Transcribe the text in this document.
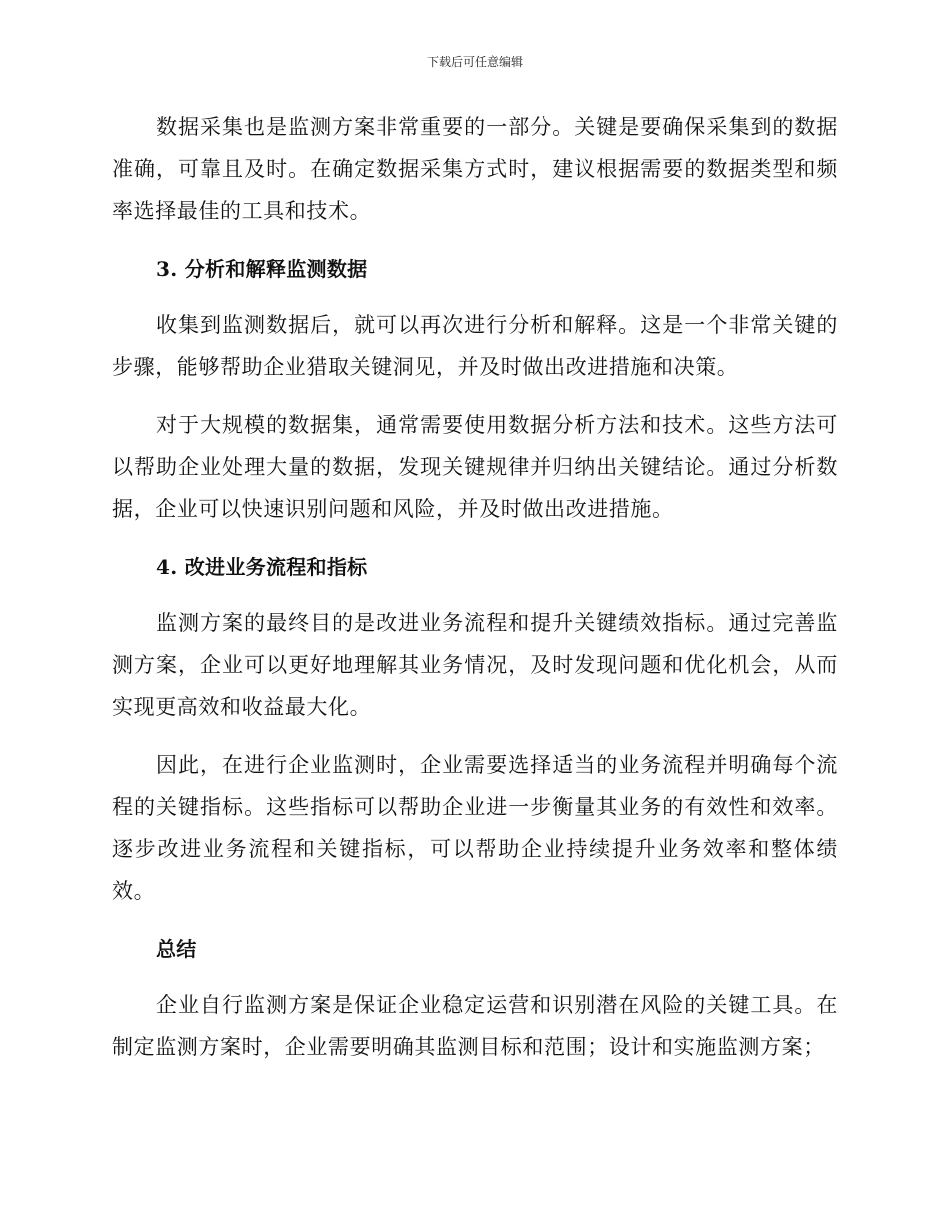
下载后可任意编辑

数据采集也是监测方案非常重要的一部分。关键是要确保采集到的数据准确，可靠且及时。在确定数据采集方式时，建议根据需要的数据类型和频率选择最佳的工具和技术。

3. 分析和解释监测数据

收集到监测数据后，就可以再次进行分析和解释。这是一个非常关键的步骤，能够帮助企业猎取关键洞见，并及时做出改进措施和决策。

对于大规模的数据集，通常需要使用数据分析方法和技术。这些方法可以帮助企业处理大量的数据，发现关键规律并归纳出关键结论。通过分析数据，企业可以快速识别问题和风险，并及时做出改进措施。

4. 改进业务流程和指标

监测方案的最终目的是改进业务流程和提升关键绩效指标。通过完善监测方案，企业可以更好地理解其业务情况，及时发现问题和优化机会，从而实现更高效和收益最大化。

因此，在进行企业监测时，企业需要选择适当的业务流程并明确每个流程的关键指标。这些指标可以帮助企业进一步衡量其业务的有效性和效率。逐步改进业务流程和关键指标，可以帮助企业持续提升业务效率和整体绩效。

总结

企业自行监测方案是保证企业稳定运营和识别潜在风险的关键工具。在制定监测方案时，企业需要明确其监测目标和范围；设计和实施监测方案；
